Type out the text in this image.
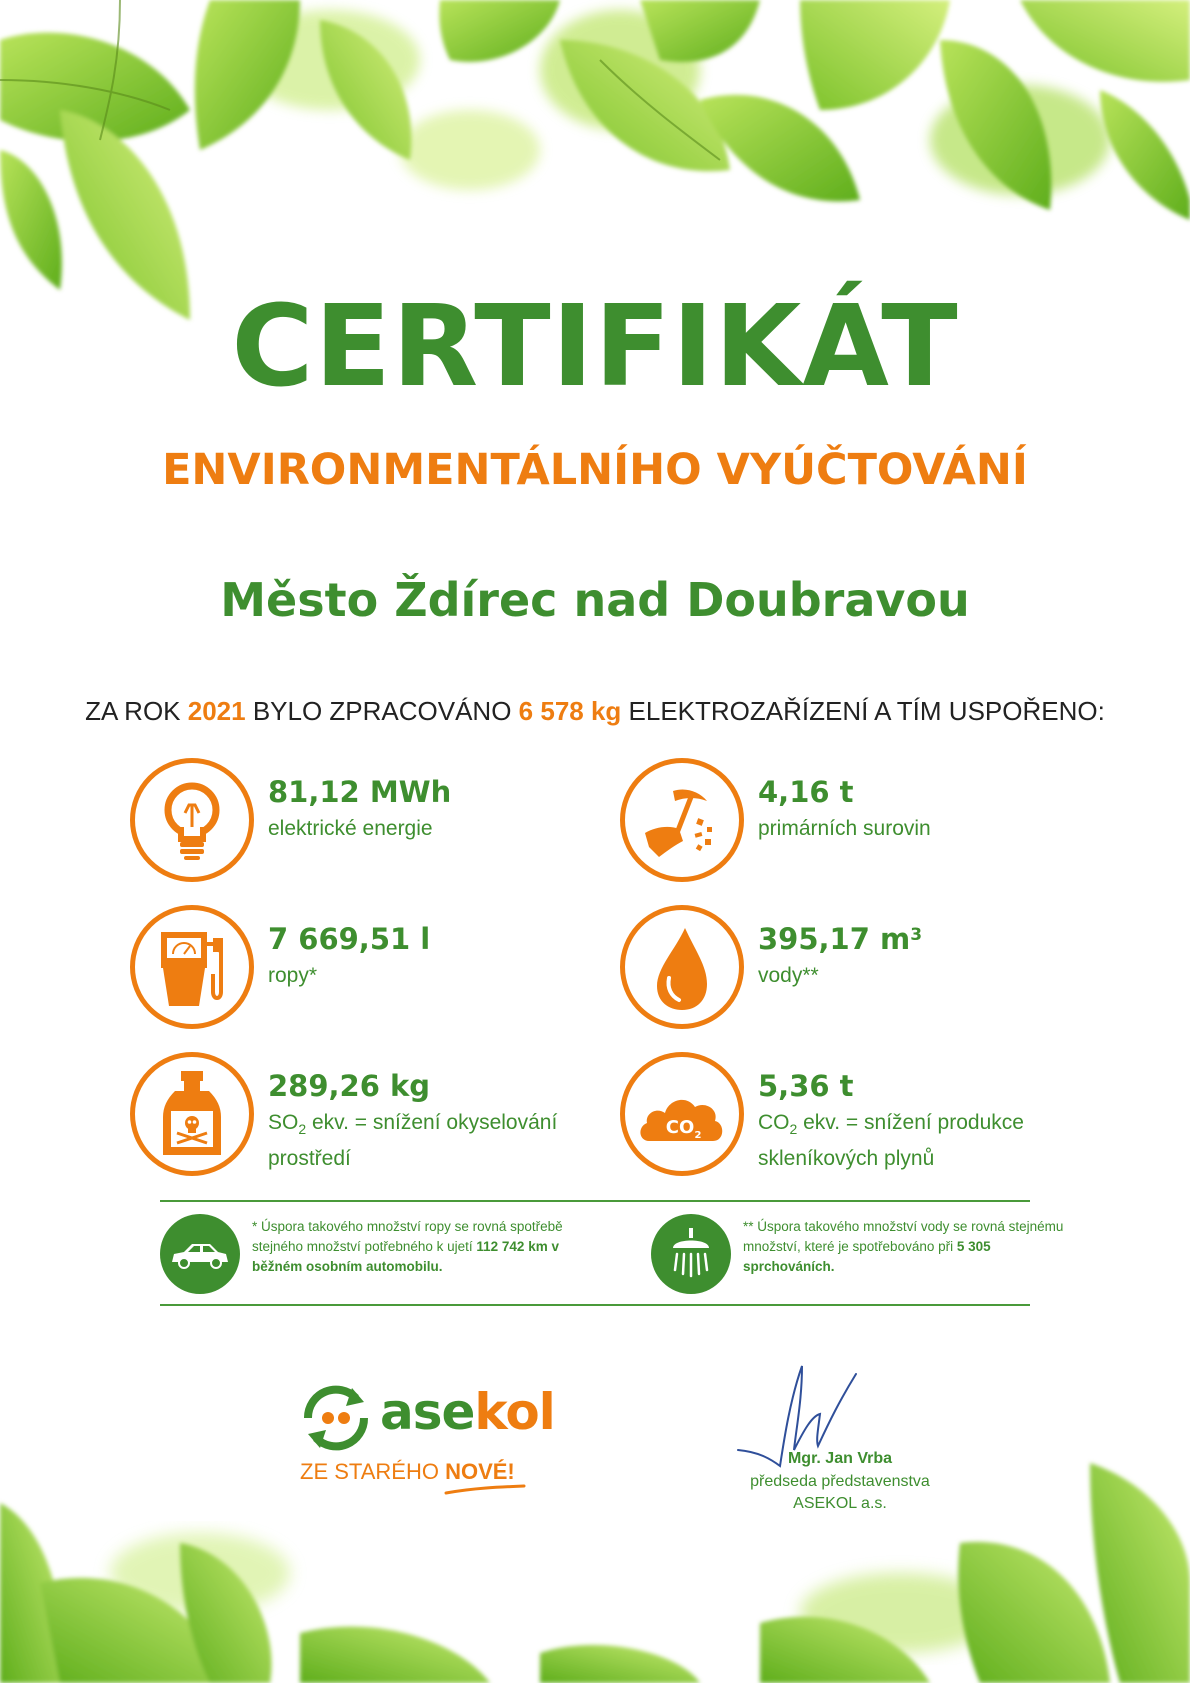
CERTIFIKÁT
ENVIRONMENTÁLNÍHO VYÚČTOVÁNÍ
Město Ždírec nad Doubravou
ZA ROK 2021 BYLO ZPRACOVÁNO 6 578 kg ELEKTROZAŘÍZENÍ A TÍM USPOŘENO:
81,12 MWh
elektrické energie
4,16 t
primárních surovin
7 669,51 l
ropy*
395,17 $m^3$
vody**
289,26 kg
$SO_2$ ekv. = snížení okyselování prostředí
CO 2
5,36 t
$CO_2$ ekv. = snížení produkce skleníkových plynů
* Úspora takového množství ropy se rovná spotřebě stejného množství potřebného k ujetí 112 742 km v běžném osobním automobilu.
** Úspora takového množství vody se rovná stejnému množství, které je spotřebováno při 5 305 sprchováních.
asekol
ZE STARÉHO NOVÉ!
Mgr. Jan Vrba
předseda představenstva
ASEKOL a.s.
